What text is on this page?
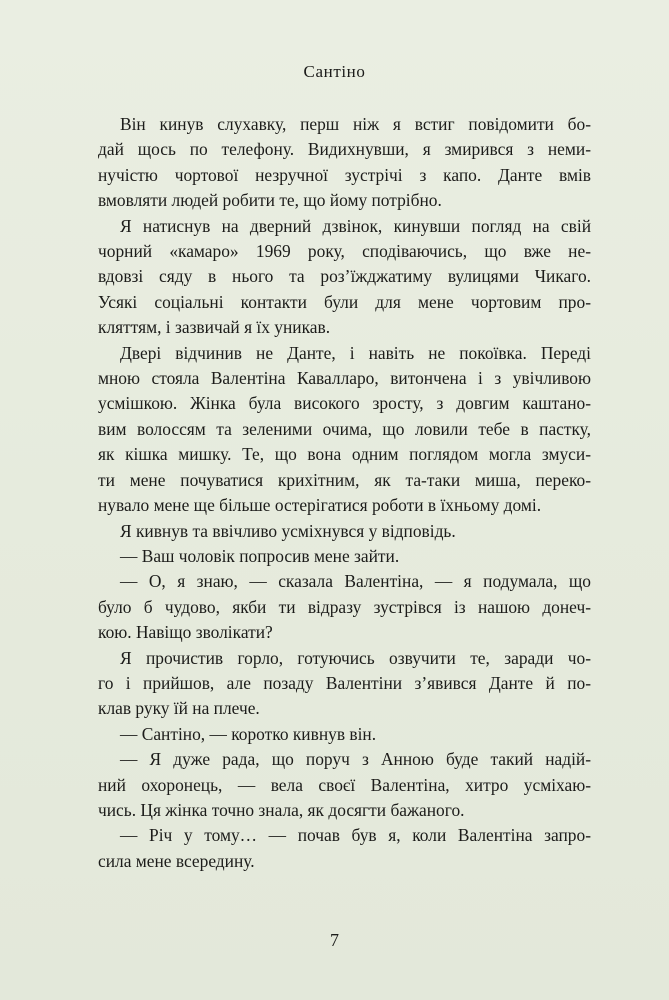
Сантіно
Він кинув слухавку, перш ніж я встиг повідомити бо-
дай щось по телефону. Видихнувши, я змирився з неми-
нучістю чортової незручної зустрічі з капо. Данте вмів
вмовляти людей робити те, що йому потрібно.
Я натиснув на дверний дзвінок, кинувши погляд на свій
чорний «камаро» 1969 року, сподіваючись, що вже не-
вдовзі сяду в нього та роз’їжджатиму вулицями Чикаго.
Усякі соціальні контакти були для мене чортовим про-
кляттям, і зазвичай я їх уникав.
Двері відчинив не Данте, і навіть не покоївка. Переді
мною стояла Валентіна Каваллаpо, витончена і з увічливою
усмішкою. Жінка була високого зросту, з довгим каштано-
вим волоссям та зеленими очима, що ловили тебе в пастку,
як кішка мишку. Те, що вона одним поглядом могла змуси-
ти мене почуватися крихітним, як та-таки миша, переко-
нувало мене ще більше остерігатися роботи в їхньому домі.
Я кивнув та ввічливо усміхнувся у відповідь.
— Ваш чоловік попросив мене зайти.
— О, я знаю, — сказала Валентіна, — я подумала, що
було б чудово, якби ти відразу зустрівся із нашою донеч-
кою. Навіщо зволікати?
Я прочистив горло, готуючись озвучити те, заради чо-
го і прийшов, але позаду Валентіни з’явився Данте й по-
клав руку їй на плече.
— Сантіно, — коротко кивнув він.
— Я дуже рада, що поруч з Анною буде такий надій-
ний охоронець, — вела своєї Валентіна, хитро усміхаю-
чись. Ця жінка точно знала, як досягти бажаного.
— Річ у тому… — почав був я, коли Валентіна запро-
сила мене всередину.
7
